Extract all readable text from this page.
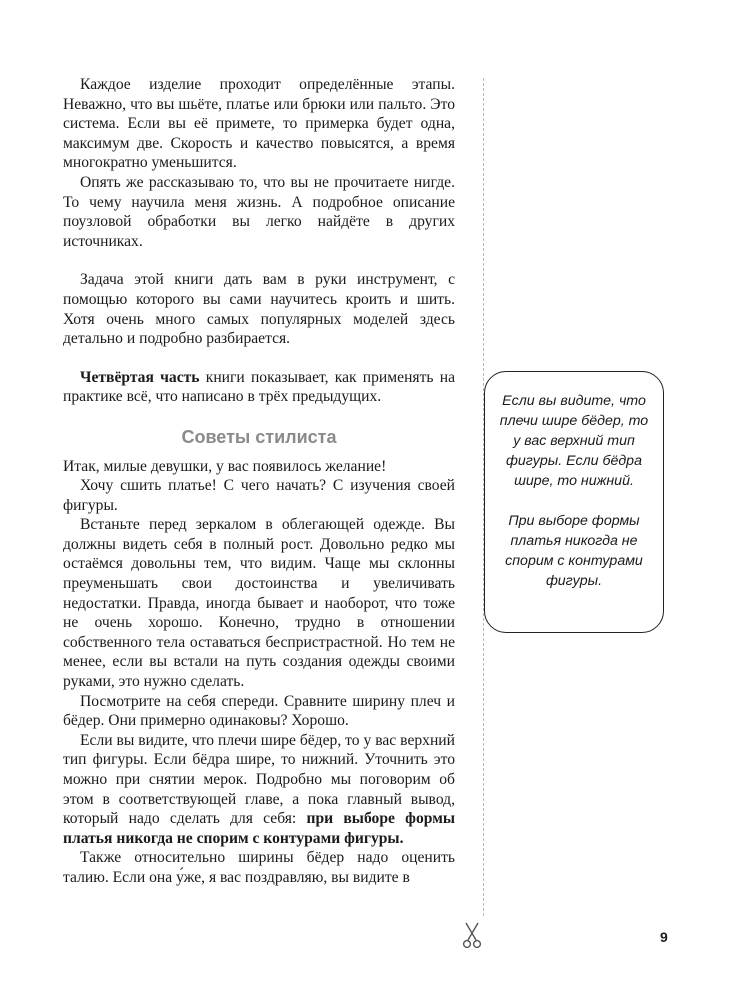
Каждое изделие проходит определённые этапы. Неважно, что вы шьёте, платье или брюки или пальто. Это система. Если вы её примете, то примерка будет одна, максимум две. Скорость и качество повысятся, а время многократно уменьшится.

Опять же рассказываю то, что вы не прочитаете нигде. То чему научила меня жизнь. А подробное описание поузловой обработки вы легко найдёте в других источниках.

Задача этой книги дать вам в руки инструмент, с помощью которого вы сами научитесь кроить и шить. Хотя очень много самых популярных моделей здесь детально и подробно разбирается.

Четвёртая часть книги показывает, как применять на практике всё, что написано в трёх предыдущих.

Советы стилиста

Итак, милые девушки, у вас появилось желание!

Хочу сшить платье! С чего начать? С изучения своей фигуры.

Встаньте перед зеркалом в облегающей одежде. Вы должны видеть себя в полный рост. Довольно редко мы остаёмся довольны тем, что видим. Чаще мы склонны преуменьшать свои достоинства и увеличивать недостатки. Правда, иногда бывает и наоборот, что тоже не очень хорошо. Конечно, трудно в отношении собственного тела оставаться беспристрастной. Но тем не менее, если вы встали на путь создания одежды своими руками, это нужно сделать.

Посмотрите на себя спереди. Сравните ширину плеч и бёдер. Они примерно одинаковы? Хорошо.

Если вы видите, что плечи шире бёдер, то у вас верхний тип фигуры. Если бёдра шире, то нижний. Уточнить это можно при снятии мерок. Подробно мы поговорим об этом в соответствующей главе, а пока главный вывод, который надо сделать для себя: при выборе формы платья никогда не спорим с контурами фигуры.

Также относительно ширины бёдер надо оценить талию. Если она у́же, я вас поздравляю, вы видите в

Если вы видите, что плечи шире бёдер, то у вас верхний тип фигуры. Если бёдра шире, то нижний.

При выборе формы платья никогда не спорим с контурами фигуры.

9
